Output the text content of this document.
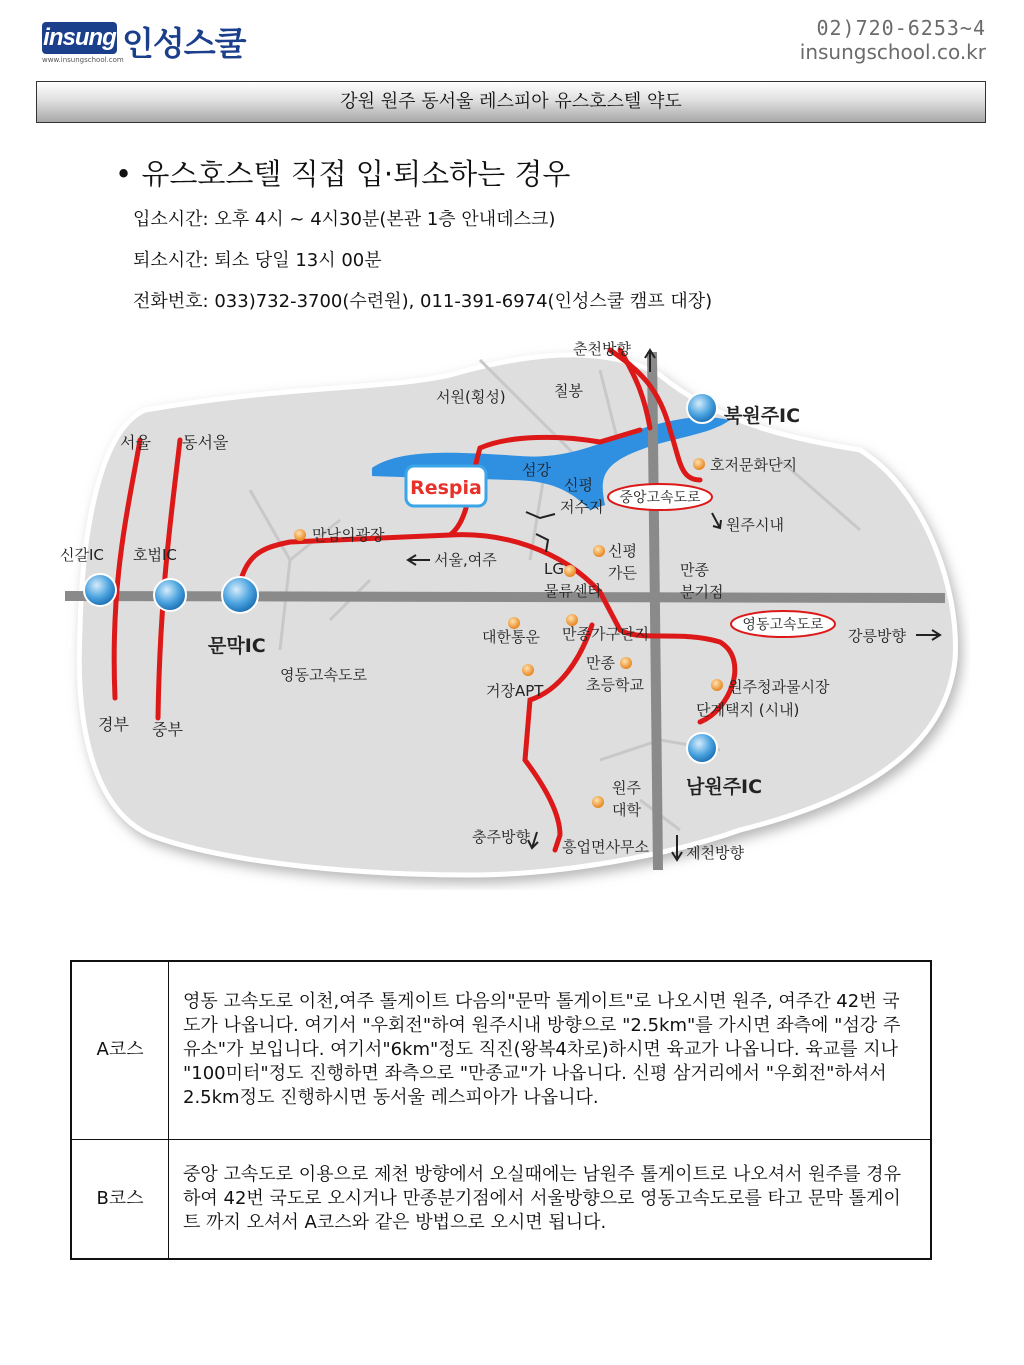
insung 인성스쿨
www.insungschool.com
02)720-6253~4
insungschool.co.kr
강원 원주 동서울 레스피아 유스호스텔 약도
• 유스호스텔 직접 입·퇴소하는 경우
입소시간: 오후 4시 ~ 4시30분(본관 1층 안내데스크)
퇴소시간: 퇴소 당일 13시 00분
전화번호: 033)732-3700(수련원), 011-391-6974(인성스쿨 캠프 대장)
Respia
서울 동서울
신갈IC 호법IC
문막IC
경부 중부
영동고속도로
만남의광장
서울,여주
서원(횡성)	칠봉
섬강
신평
저수지
춘천방향
북원주IC
호저문화단지
중앙고속도로
원주시내
LG
물류센타
신평
가든	만종
분기점
영동고속도로
강릉방향
대한통운 만종가구단지
만종
초등학교
거장APT	원주청과물시장
단계택지 (시내)
남원주IC
원주
대학
충주방향
흥업면사무소 제천방향
A코스	영동 고속도로 이천,여주 톨게이트 다음의"문막 톨게이트"로 나오시면 원주, 여주간 42번 국도가 나옵니다. 여기서 "우회전"하여 원주시내 방향으로 "2.5km"를 가시면 좌측에 "섬강 주유소"가 보입니다. 여기서"6km"정도 직진(왕복4차로)하시면 육교가 나옵니다. 육교를 지나 "100미터"정도 진행하면 좌측으로 "만종교"가 나옵니다. 신평 삼거리에서 "우회전"하셔서 2.5km정도 진행하시면 동서울 레스피아가 나옵니다.
B코스	중앙 고속도로 이용으로 제천 방향에서 오실때에는 남원주 톨게이트로 나오셔서 원주를 경유하여 42번 국도로 오시거나 만종분기점에서 서울방향으로 영동고속도로를 타고 문막 톨게이트 까지 오셔서 A코스와 같은 방법으로 오시면 됩니다.
